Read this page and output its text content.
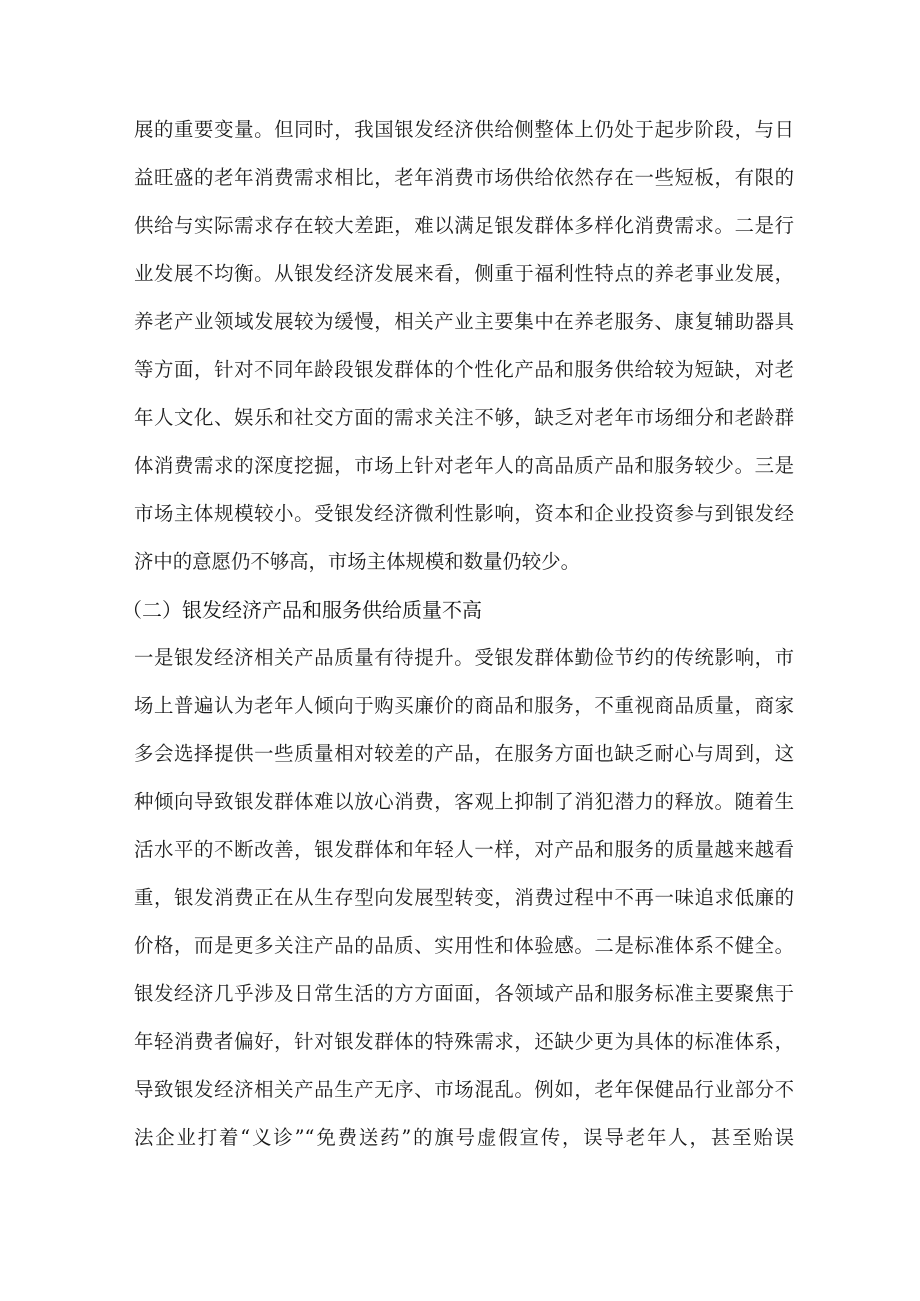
展的重要变量。但同时，我国银发经济供给侧整体上仍处于起步阶段，与日
益旺盛的老年消费需求相比，老年消费市场供给依然存在一些短板，有限的
供给与实际需求存在较大差距，难以满足银发群体多样化消费需求。二是行
业发展不均衡。从银发经济发展来看，侧重于福利性特点的养老事业发展，
养老产业领域发展较为缓慢，相关产业主要集中在养老服务、康复辅助器具
等方面，针对不同年龄段银发群体的个性化产品和服务供给较为短缺，对老
年人文化、娱乐和社交方面的需求关注不够，缺乏对老年市场细分和老龄群
体消费需求的深度挖掘，市场上针对老年人的高品质产品和服务较少。三是
市场主体规模较小。受银发经济微利性影响，资本和企业投资参与到银发经
济中的意愿仍不够高，市场主体规模和数量仍较少。
（二）银发经济产品和服务供给质量不高
一是银发经济相关产品质量有待提升。受银发群体勤俭节约的传统影响，市
场上普遍认为老年人倾向于购买廉价的商品和服务，不重视商品质量，商家
多会选择提供一些质量相对较差的产品，在服务方面也缺乏耐心与周到，这
种倾向导致银发群体难以放心消费，客观上抑制了消犯潜力的释放。随着生
活水平的不断改善，银发群体和年轻人一样，对产品和服务的质量越来越看
重，银发消费正在从生存型向发展型转变，消费过程中不再一味追求低廉的
价格，而是更多关注产品的品质、实用性和体验感。二是标准体系不健全。
银发经济几乎涉及日常生活的方方面面，各领域产品和服务标准主要聚焦于
年轻消费者偏好，针对银发群体的特殊需求，还缺少更为具体的标准体系，
导致银发经济相关产品生产无序、市场混乱。例如，老年保健品行业部分不
法企业打着“义诊”“免费送药”的旗号虚假宣传，误导老年人，甚至贻误
